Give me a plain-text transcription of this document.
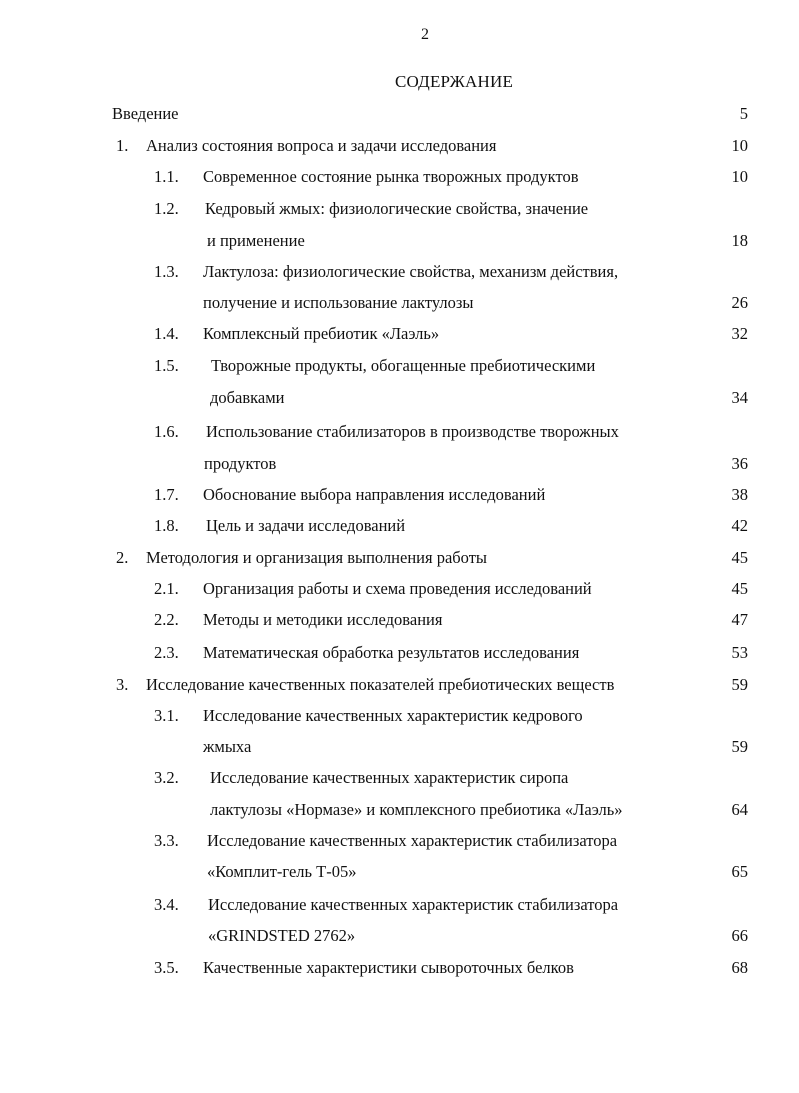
2
СОДЕРЖАНИЕ
Введение	5
1. Анализ состояния вопроса и задачи исследования	10
1.1. Современное состояние рынка творожных продуктов	10
1.2. Кедровый жмых: физиологические свойства, значение
и применение	18
1.3. Лактулоза: физиологические свойства, механизм действия,
получение и использование лактулозы	26
1.4. Комплексный пребиотик «Лаэль»	32
1.5. Творожные продукты, обогащенные пребиотическими
добавками	34
1.6. Использование стабилизаторов в производстве творожных
продуктов	36
1.7. Обоснование выбора направления исследований	38
1.8. Цель и задачи исследований	42
2. Методология и организация выполнения работы	45
2.1. Организация работы и схема проведения исследований	45
2.2. Методы и методики исследования	47
2.3. Математическая обработка результатов исследования	53
3. Исследование качественных показателей пребиотических веществ	59
3.1. Исследование качественных характеристик кедрового
жмыха	59
3.2. Исследование качественных характеристик сиропа
лактулозы «Нормазе» и комплексного пребиотика «Лаэль»	64
3.3. Исследование качественных характеристик стабилизатора
«Комплит-гель Т-05»	65
3.4. Исследование качественных характеристик стабилизатора
«GRINDSTED 2762»	66
3.5. Качественные характеристики сывороточных белков	68
